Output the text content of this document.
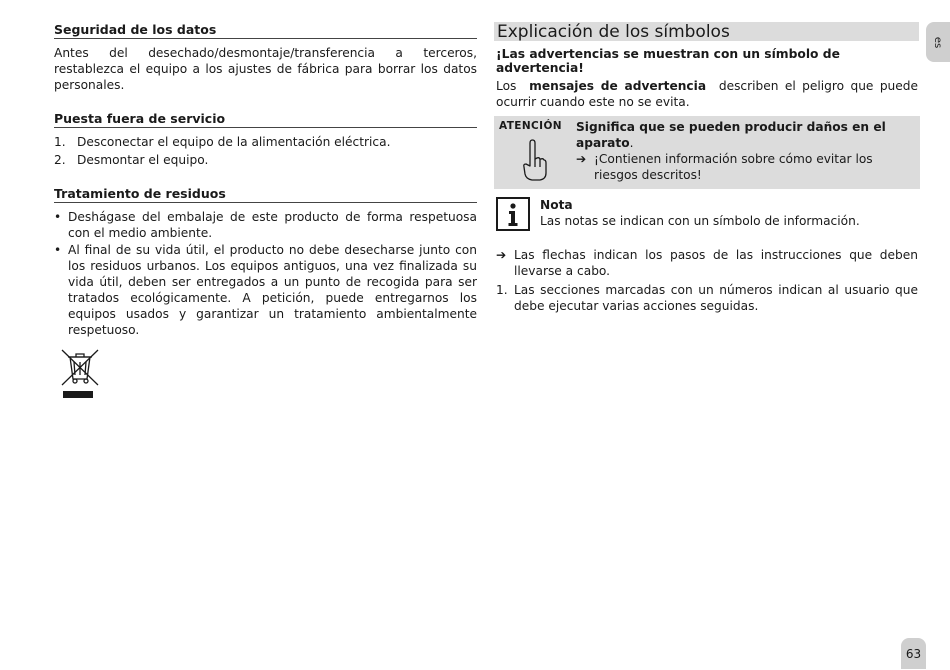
Seguridad de los datos

Antes del desechado/desmontaje/transferencia a terceros, restablezca el equipo a los ajustes de fábrica para borrar los datos personales.

Puesta fuera de servicio
1. Desconectar el equipo de la alimentación eléctrica.
2. Desmontar el equipo.
Tratamiento de residuos
• Deshágase del embalaje de este producto de forma respetuosa con el medio ambiente.
• Al final de su vida útil, el producto no debe desecharse junto con los residuos urbanos. Los equipos antiguos, una vez finalizada su vida útil, deben ser entregados a un punto de recogida para ser tratados ecológicamente. A petición, puede entregarnos los equipos usados y garantizar un tratamiento ambientalmente respetuoso.
Explicación de los símbolos
¡Las advertencias se muestran con un símbolo de advertencia!

Los mensajes de advertencia describen el peligro que puede ocurrir cuando este no se evita.

ATENCIÓN Significa que se pueden producir daños en el aparato.
➔ ¡Contienen información sobre cómo evitar los riesgos descritos!
Nota
Las notas se indican con un símbolo de información.
➔ Las flechas indican los pasos de las instrucciones que deben llevarse a cabo.
1. Las secciones marcadas con un números indican al usuario que debe ejecutar varias acciones seguidas.
es
63
